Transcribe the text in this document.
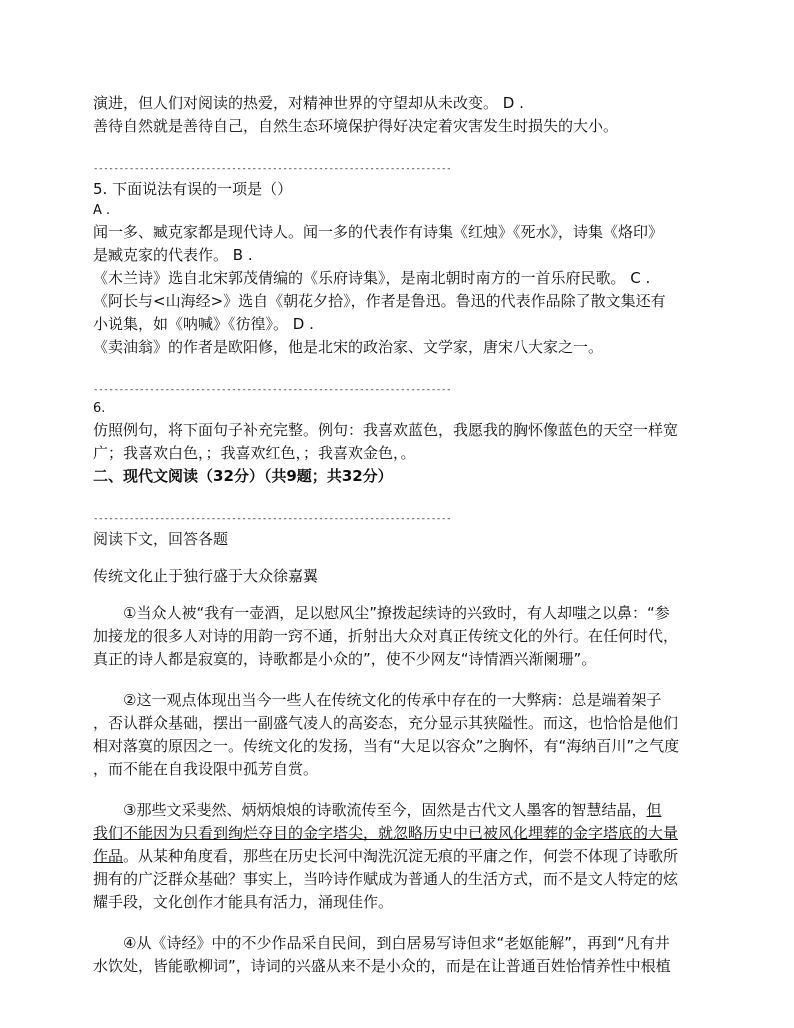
演进，但人们对阅读的热爱，对精神世界的守望却从未改变。 D .
善待自然就是善待自己，自然生态环境保护得好决定着灾害发生时损失的大小。
----------------------------------------------------------------------
5. 下面说法有误的一项是（）
A .
闻一多、臧克家都是现代诗人。闻一多的代表作有诗集《红烛》《死水》，诗集《烙印》
是臧克家的代表作。 B .
《木兰诗》选自北宋郭茂倩编的《乐府诗集》，是南北朝时南方的一首乐府民歌。 C .
《阿长与<山海经>》选自《朝花夕拾》，作者是鲁迅。鲁迅的代表作品除了散文集还有
小说集，如《呐喊》《彷徨》。 D .
《卖油翁》的作者是欧阳修，他是北宋的政治家、文学家，唐宋八大家之一。
----------------------------------------------------------------------
6.
仿照例句，将下面句子补充完整。例句：我喜欢蓝色，我愿我的胸怀像蓝色的天空一样宽
广；我喜欢白色，；我喜欢红色，；我喜欢金色，。
二、现代文阅读（32分）（共9题；共32分）
----------------------------------------------------------------------
阅读下文，回答各题
传统文化止于独行盛于大众徐嘉翼
①当众人被“我有一壶酒，足以慰风尘”撩拨起续诗的兴致时，有人却嗤之以鼻：“参
加接龙的很多人对诗的用韵一窍不通，折射出大众对真正传统文化的外行。在任何时代，
真正的诗人都是寂寞的，诗歌都是小众的”，使不少网友“诗情酒兴渐阑珊”。
②这一观点体现出当今一些人在传统文化的传承中存在的一大弊病：总是端着架子
，否认群众基础，摆出一副盛气凌人的高姿态，充分显示其狭隘性。而这，也恰恰是他们
相对落寞的原因之一。传统文化的发扬，当有“大足以容众”之胸怀，有“海纳百川”之气度
，而不能在自我设限中孤芳自赏。
③那些文采斐然、炳炳烺烺的诗歌流传至今，固然是古代文人墨客的智慧结晶，但
我们不能因为只看到绚烂夺目的金字塔尖，就忽略历史中已被风化埋葬的金字塔底的大量
作品。从某种角度看，那些在历史长河中淘洗沉淀无痕的平庸之作，何尝不体现了诗歌所
拥有的广泛群众基础？事实上，当吟诗作赋成为普通人的生活方式，而不是文人特定的炫
耀手段，文化创作才能具有活力，涌现佳作。
④从《诗经》中的不少作品采自民间，到白居易写诗但求“老妪能解”，再到“凡有井
水饮处，皆能歌柳词”，诗词的兴盛从来不是小众的，而是在让普通百姓怡情养性中根植
